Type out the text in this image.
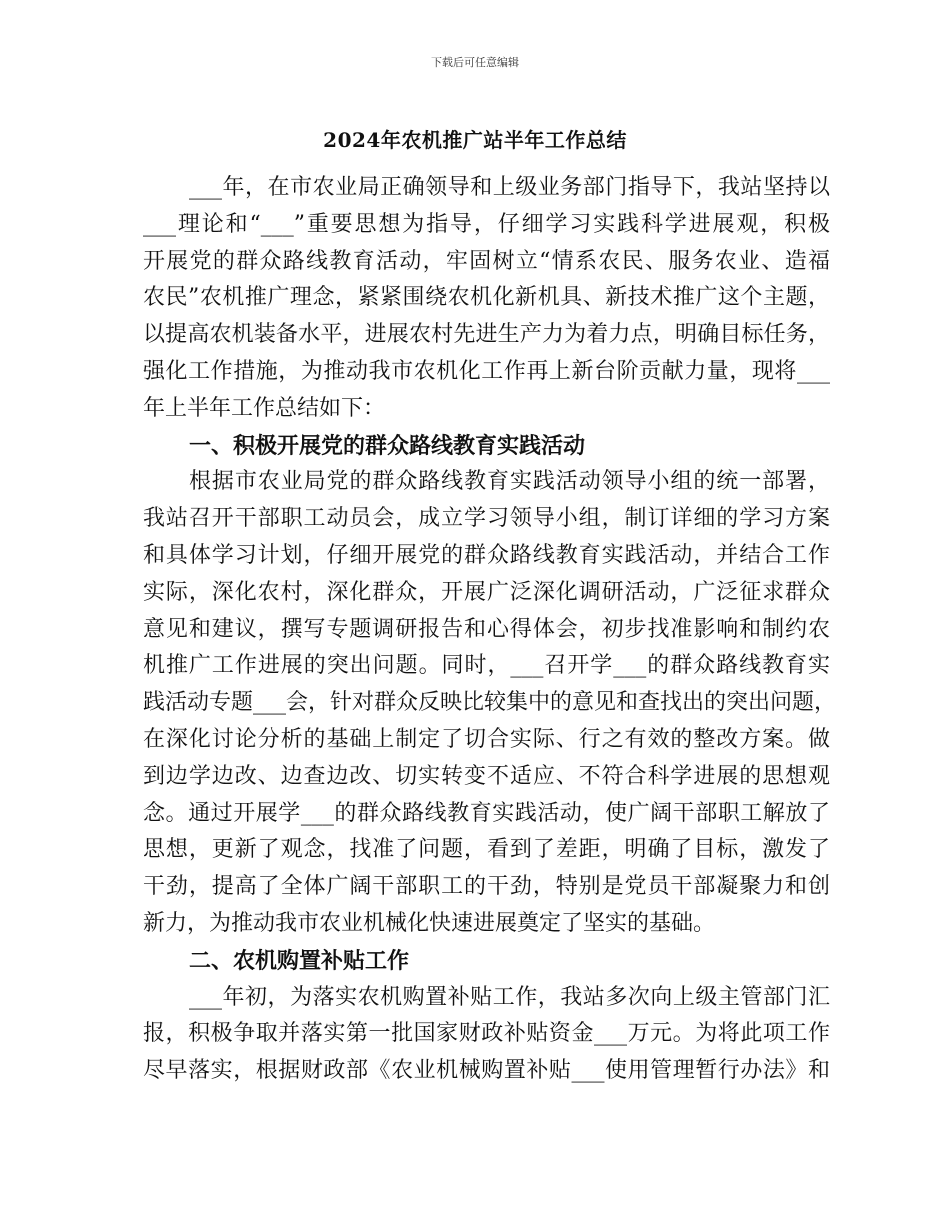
下载后可任意编辑
2024年农机推广站半年工作总结
___年，在市农业局正确领导和上级业务部门指导下，我站坚持以
___理论和“___”重要思想为指导，仔细学习实践科学进展观，积极
开展党的群众路线教育活动，牢固树立“情系农民、服务农业、造福
农民”农机推广理念，紧紧围绕农机化新机具、新技术推广这个主题，
以提高农机装备水平，进展农村先进生产力为着力点，明确目标任务，
强化工作措施，为推动我市农机化工作再上新台阶贡献力量，现将___
年上半年工作总结如下：
一、积极开展党的群众路线教育实践活动
根据市农业局党的群众路线教育实践活动领导小组的统一部署，
我站召开干部职工动员会，成立学习领导小组，制订详细的学习方案
和具体学习计划，仔细开展党的群众路线教育实践活动，并结合工作
实际，深化农村，深化群众，开展广泛深化调研活动，广泛征求群众
意见和建议，撰写专题调研报告和心得体会，初步找准影响和制约农
机推广工作进展的突出问题。同时，___召开学___的群众路线教育实
践活动专题___会，针对群众反映比较集中的意见和查找出的突出问题，
在深化讨论分析的基础上制定了切合实际、行之有效的整改方案。做
到边学边改、边查边改、切实转变不适应、不符合科学进展的思想观
念。通过开展学___的群众路线教育实践活动，使广阔干部职工解放了
思想，更新了观念，找准了问题，看到了差距，明确了目标，激发了
干劲，提高了全体广阔干部职工的干劲，特别是党员干部凝聚力和创
新力，为推动我市农业机械化快速进展奠定了坚实的基础。
二、农机购置补贴工作
___年初，为落实农机购置补贴工作，我站多次向上级主管部门汇
报，积极争取并落实第一批国家财政补贴资金___万元。为将此项工作
尽早落实，根据财政部《农业机械购置补贴___使用管理暂行办法》和
